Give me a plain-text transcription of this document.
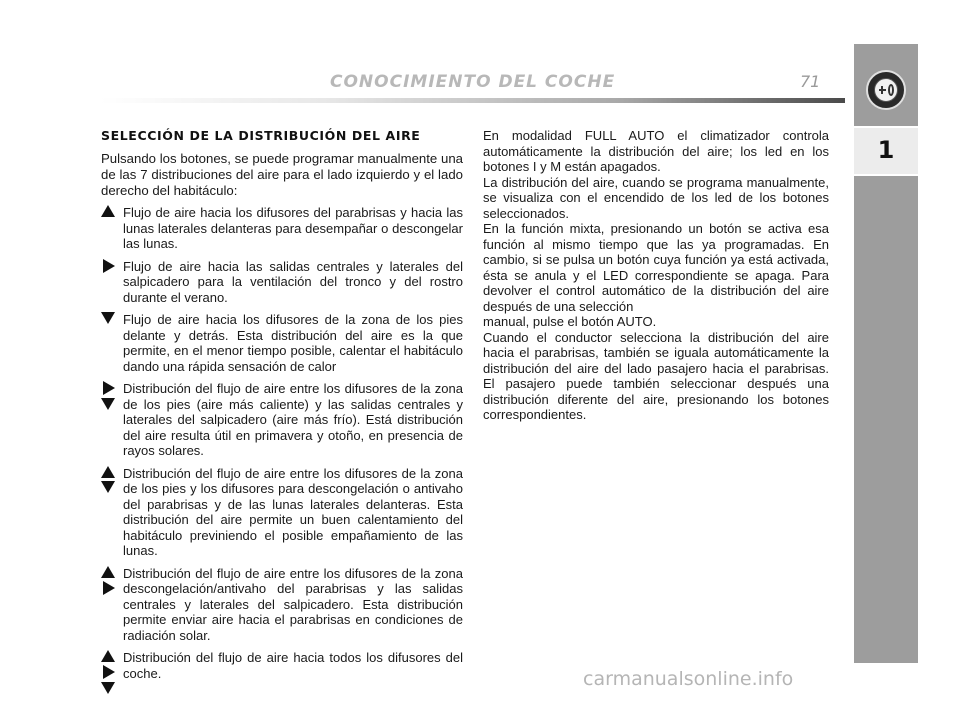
CONOCIMIENTO DEL COCHE	71
1
SELECCIÓN DE LA DISTRIBUCIÓN DEL AIRE

Pulsando los botones, se puede programar manualmente una de las 7 distribuciones del aire para el lado izquierdo y el lado derecho del habitáculo:

Flujo de aire hacia los difusores del parabrisas y hacia las lunas laterales delanteras para desempañar o descongelar las lunas.
Flujo de aire hacia las salidas centrales y laterales del salpicadero para la ventilación del tronco y del rostro durante el verano.
Flujo de aire hacia los difusores de la zona de los pies delante y detrás. Esta distribución del aire es la que permite, en el menor tiempo posible, calentar el habitáculo dando una rápida sensación de calor
Distribución del flujo de aire entre los difusores de la zona de los pies (aire más caliente) y las salidas centrales y laterales del salpicadero (aire más frío). Está distribución del aire resulta útil en primavera y otoño, en presencia de rayos solares.
Distribución del flujo de aire entre los difusores de la zona de los pies y los difusores para descongelación o antivaho del parabrisas y de las lunas laterales delanteras. Esta distribución del aire permite un buen calentamiento del habitáculo previniendo el posible empañamiento de las lunas.
Distribución del flujo de aire entre los difusores de la zona descongelación/antivaho del parabrisas y las salidas centrales y laterales del salpicadero. Esta distribución permite enviar aire hacia el parabrisas en condiciones de radiación solar.
Distribución del flujo de aire hacia todos los difusores del coche.

En modalidad FULL AUTO el climatizador controla automáticamente la distribución del aire; los led en los botones I y M están apagados.
La distribución del aire, cuando se programa manualmente, se visualiza con el encendido de los led de los botones seleccionados.
En la función mixta, presionando un botón se activa esa función al mismo tiempo que las ya programadas. En cambio, si se pulsa un botón cuya función ya está activada, ésta se anula y el LED correspondiente se apaga. Para devolver el control automático de la distribución del aire después de una selección
manual, pulse el botón AUTO.
Cuando el conductor selecciona la distribución del aire hacia el parabrisas, también se iguala automáticamente la distribución del aire del lado pasajero hacia el parabrisas. El pasajero puede también seleccionar después una distribución diferente del aire, presionando los botones correspondientes.

carmanualsonline.info
